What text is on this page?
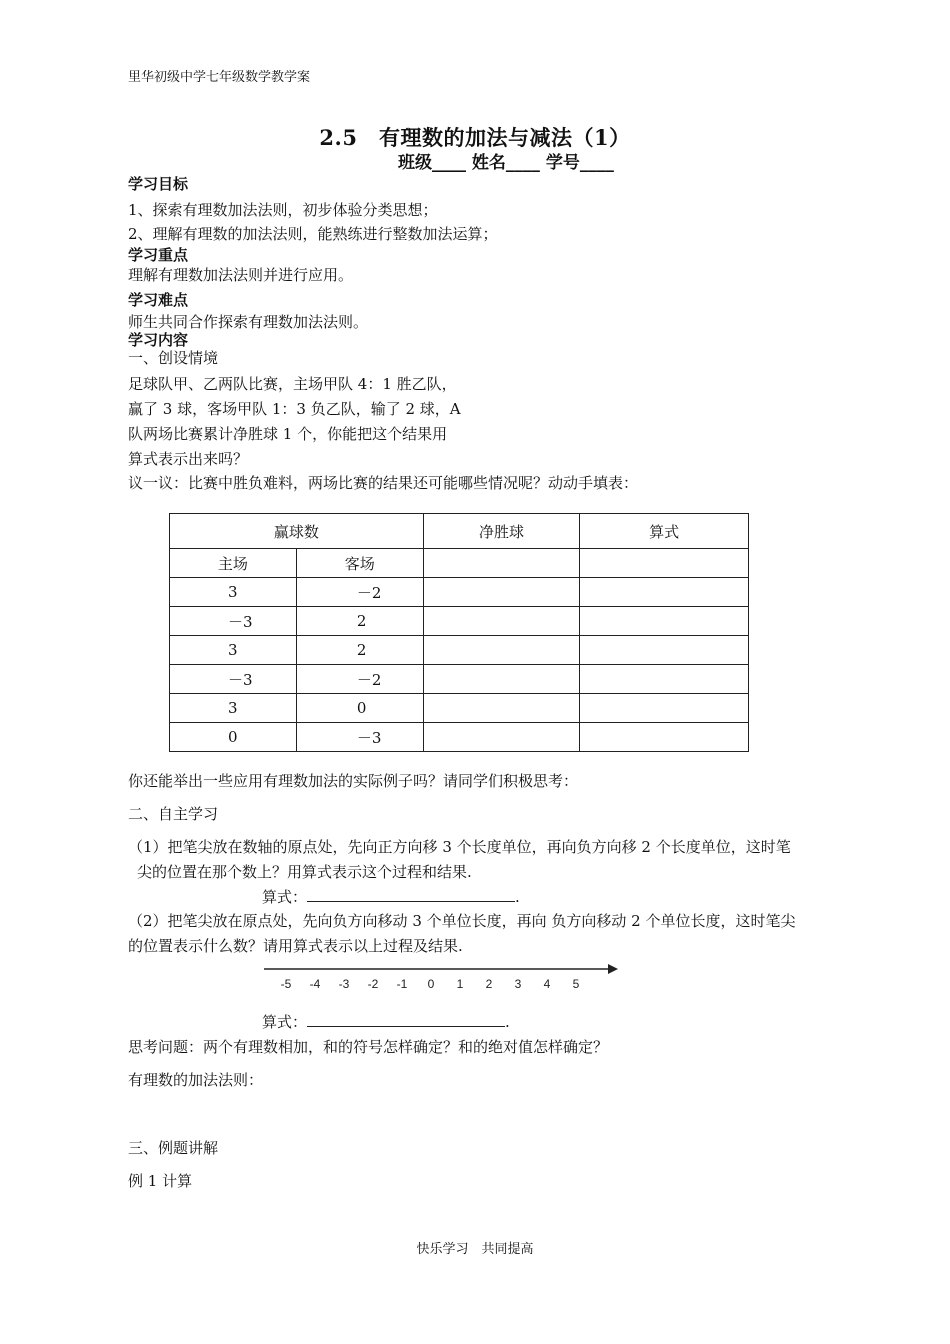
里华初级中学七年级数学教学案
2.5　有理数的加法与减法（1）
班级____ 姓名____ 学号____
学习目标
1、探索有理数加法法则，初步体验分类思想；
2、理解有理数的加法法则，能熟练进行整数加法运算；
学习重点
理解有理数加法法则并进行应用。
学习难点
师生共同合作探索有理数加法法则。
学习内容
一、创设情境
足球队甲、乙两队比赛，主场甲队 4：1 胜乙队，
赢了 3 球，客场甲队 1：3 负乙队，输了 2 球，A
队两场比赛累计净胜球 1 个，你能把这个结果用
算式表示出来吗？
议一议：比赛中胜负难料，两场比赛的结果还可能哪些情况呢？动动手填表：
赢球数		净胜球	算式
主场	客场		
3	－2		
－3	2		
3	2		
－3	－2		
3	0		
0	－3		
你还能举出一些应用有理数加法的实际例子吗？请同学们积极思考：
二、自主学习
（1）把笔尖放在数轴的原点处，先向正方向移 3 个长度单位，再向负方向移 2 个长度单位，这时笔
尖的位置在那个数上？用算式表示这个过程和结果.
算式：	.
（2）把笔尖放在原点处，先向负方向移动 3 个单位长度，再向 负方向移动 2 个单位长度，这时笔尖
的位置表示什么数？请用算式表示以上过程及结果.
-5 -4 -3 -2 -1 0 1 2 3 4 5
算式：	.
思考问题：两个有理数相加，和的符号怎样确定？和的绝对值怎样确定？
有理数的加法法则：
三、例题讲解
例 1 计算
快乐学习　共同提高
